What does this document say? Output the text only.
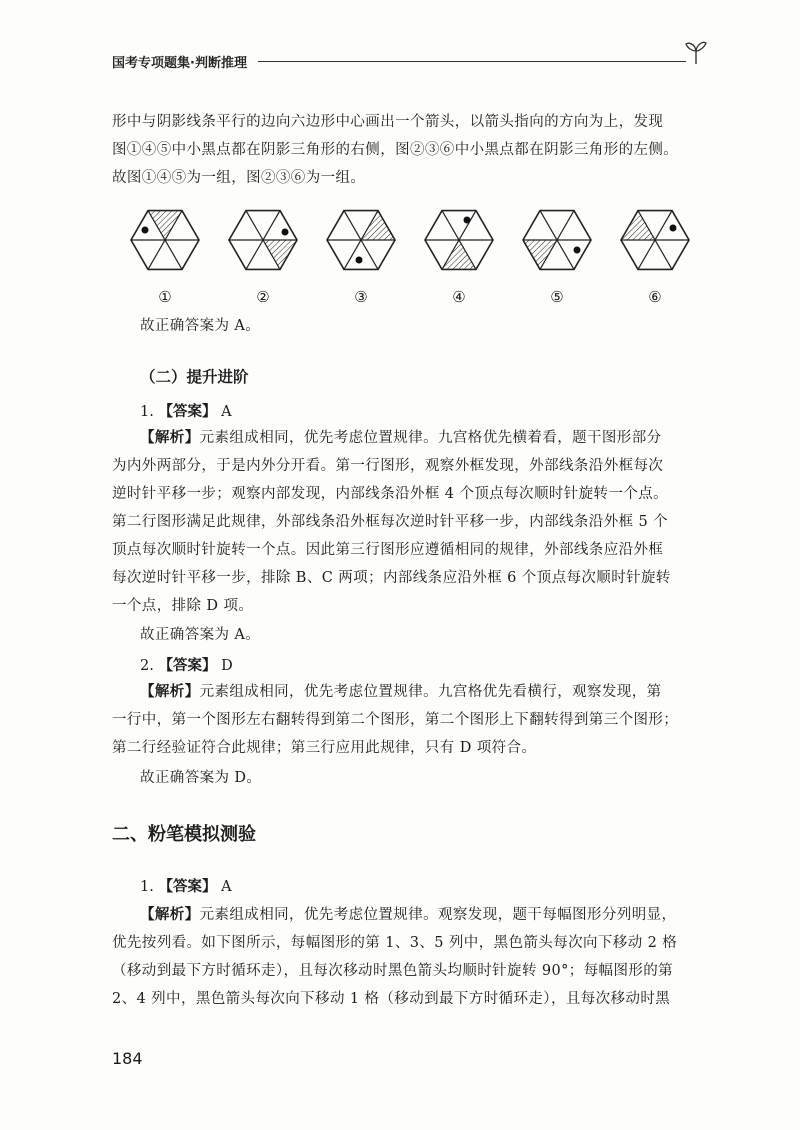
国考专项题集·判断推理

形中与阴影线条平行的边向六边形中心画出一个箭头，以箭头指向的方向为上，发现

图①④⑤中小黑点都在阴影三角形的右侧，图②③⑥中小黑点都在阴影三角形的左侧。

故图①④⑤为一组，图②③⑥为一组。

①	②	③	④	⑤	⑥

故正确答案为 A。

（二）提升进阶
1. 【答案】 A

【解析】元素组成相同，优先考虑位置规律。九宫格优先横着看，题干图形部分

为内外两部分，于是内外分开看。第一行图形，观察外框发现，外部线条沿外框每次

逆时针平移一步；观察内部发现，内部线条沿外框 4 个顶点每次顺时针旋转一个点。

第二行图形满足此规律，外部线条沿外框每次逆时针平移一步，内部线条沿外框 5 个

顶点每次顺时针旋转一个点。因此第三行图形应遵循相同的规律，外部线条应沿外框

每次逆时针平移一步，排除 B、C 两项；内部线条应沿外框 6 个顶点每次顺时针旋转

一个点，排除 D 项。

故正确答案为 A。

2. 【答案】 D

【解析】元素组成相同，优先考虑位置规律。九宫格优先看横行，观察发现，第

一行中，第一个图形左右翻转得到第二个图形，第二个图形上下翻转得到第三个图形；

第二行经验证符合此规律；第三行应用此规律，只有 D 项符合。

故正确答案为 D。

二、粉笔模拟测验
1. 【答案】 A

【解析】元素组成相同，优先考虑位置规律。观察发现，题干每幅图形分列明显，

优先按列看。如下图所示，每幅图形的第 1、3、5 列中，黑色箭头每次向下移动 2 格

（移动到最下方时循环走），且每次移动时黑色箭头均顺时针旋转 90°；每幅图形的第

2、4 列中，黑色箭头每次向下移动 1 格（移动到最下方时循环走），且每次移动时黑

184
